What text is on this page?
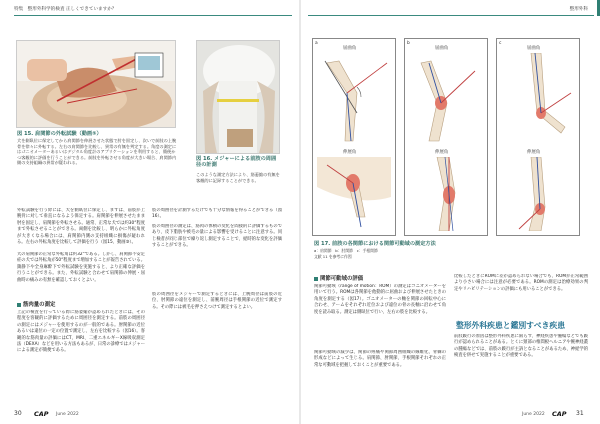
特集 整形外科学的検査 正しくできていますか？
図 15. 肩関節の外転試験（動画⑤）
犬を側臥位に保定してから肩関節を伸展させた状態で肘を固定し、次いで前肢の上腕骨を徐々に外転する。左右の肩関節を比較し、異常の有無を判定する。角度の測定にはゴニオメーターあるいはデジタル角度計のアプリケーションを利用すると、簡便かつ客観的に評価を行うことができる。前肢を外転させる角度が大きい場合、肩関節内側の支持組織の異常が疑われる。
図 16. メジャーによる前肢の周囲径の計測
このような測定方法により、筋萎縮の有無を客観的に記録することができる。
外転試験を行う際には、犬を側臥位に保定し、まずは、前肢が上腕骨に対して垂直になるよう保定する。肩関節を伸展させたまま肘を固定し、肩関節を外転させる。通常、正常な犬では約30°程度まで外転させることができる。両側を比較し、明らかに外転角度が大きくなる場合には、肩関節内側の支持組織に損傷が疑われる。左右の外転角度を比較して評価を行う（図15、動画⑤）。
犬の肩関節の正常な外転角は約32°である。しかし、肩関節不安定症の犬では外転角が50°程度まで増加することが報告されている。鎮静下や全身麻酔下で外転試験を実施すると、より正確な評価を行うことができる。また、外転試験と合わせて肩関節の伸展・屈曲時の痛みの有無を確認しておくとよい。
筋肉量の測定
上記の検査を行っている際に筋萎縮が認められたときには、その程度を客観的に評価するために周囲径を測定する。前肢の周囲径の測定にはメジャーを使用するのが一般的である。肘関節の近位あるいは遠位の一定の位置で測定し、左右を比較する（図16）。客観的な筋肉量の評価にはCT、MRI、二重エネルギーX線吸収測定法（DEXA）などを用いる方法もあるが、日常の診療ではメジャーによる測定が簡便である。
肢の周囲径を計測するだけでも十分な情報を得ることができる（図16）。
肢の周囲径の測定は、筋肉の体積の変化を間接的に評価するものであり、皮下脂肪や被毛の量による影響を受けることに注意する。同じ検者が同じ部位で繰り返し測定することで、経時的な変化を評価することができる。
肢の周囲径をメジャーで測定するときには、上腕周径は前肢の近位、肘関節の遠位を測定し、前腕周径は手根関節の近位で測定する。その際には被毛を押さえつけて測定するとよい。
30 CAP June 2022
整形外科
a
屈曲角
伸展角
b
屈曲角
伸展角
c
屈曲角
伸展角
図 17. 前肢の各関節における関節可動域の測定方法
a：肩関節　b：肘関節　c：手根関節
文献 11 を参考に作図
関節可動域の評価
関節可動域（range of motion：ROM）の測定はゴニオメーターを用いて行う。ROMは各関節を他動的に屈曲および伸展させたときの角度を測定する（図17）。ゴニオメーターの軸を関節の回転中心に合わせ、アームをそれぞれ近位および遠位の骨の長軸に沿わせて角度を読み取る。測定は側臥位で行い、左右の肢を比較する。
関節可動域の減少は、関節の疼痛や関節周囲組織の線維化、骨棘の形成などによって生じる。肩関節、肘関節、手根関節それぞれの正常な可動域を把握しておくことが重要である。
比較したときにROMに差が認められない場合でも、ROMが正常範囲より小さい場合には注意が必要である。ROMの測定は治療効果の判定やリハビリテーションの評価にも用いることができる。
整形外科疾患と鑑別すべき疾患
前肢跛行の原因は整形外科疾患に限らず、神経疾患や腫瘍などでも跛行が認められることがある。とくに頸部の椎間板ヘルニアや腕神経叢の腫瘍などでは、前肢の跛行が主訴となることがあるため、神経学的検査を併せて実施することが重要である。
June 2022 CAP 31
